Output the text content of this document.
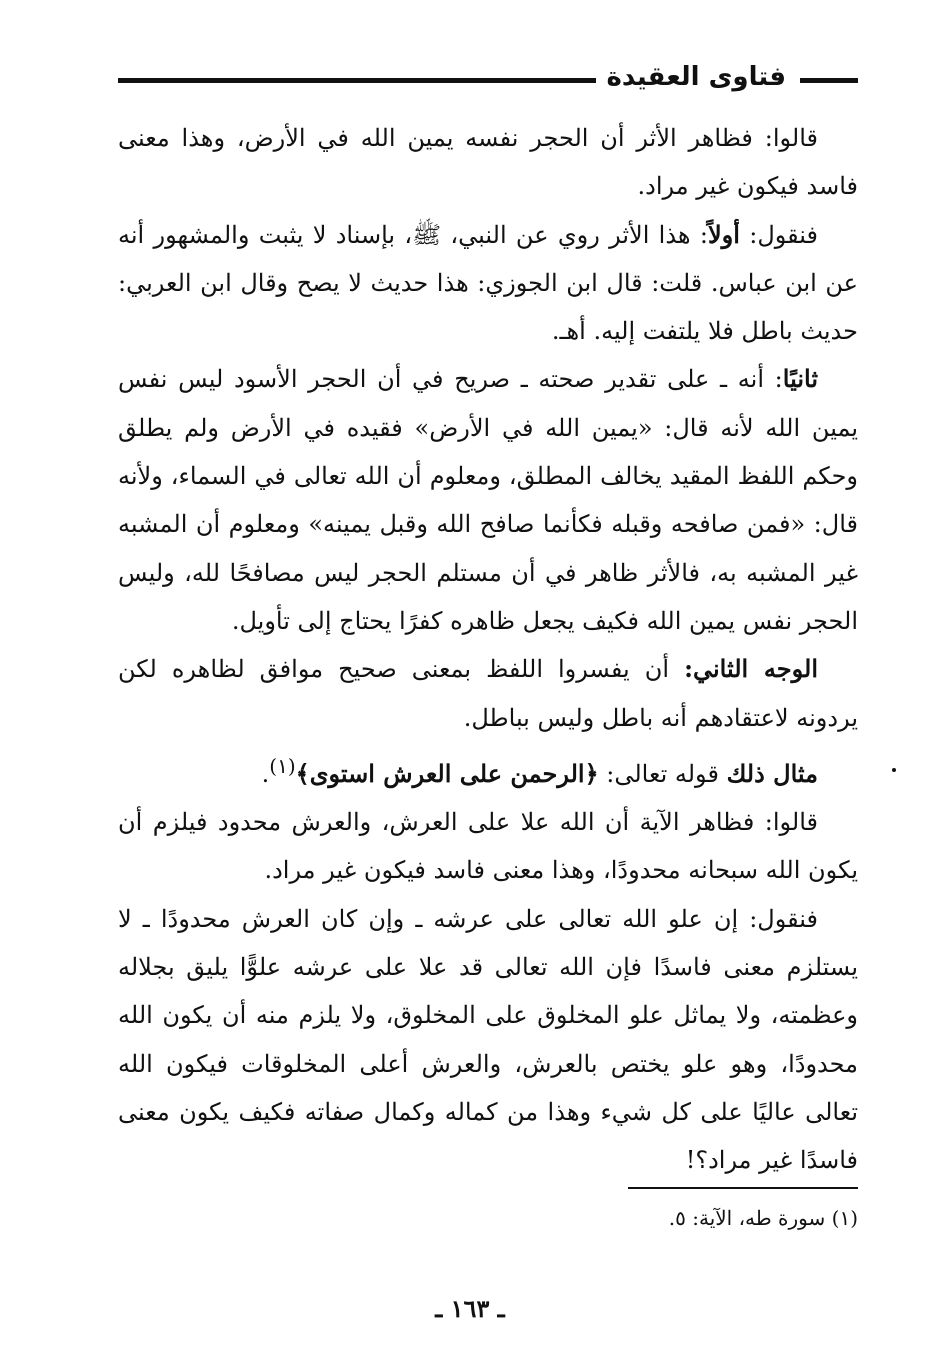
فتاوى العقيدة

قالوا: فظاهر الأثر أن الحجر نفسه يمين الله في الأرض، وهذا معنى فاسد فيكون غير مراد.

فنقول: أولاً: هذا الأثر روي عن النبي، ﷺ، بإسناد لا يثبت والمشهور أنه عن ابن عباس. قلت: قال ابن الجوزي: هذا حديث لا يصح وقال ابن العربي: حديث باطل فلا يلتفت إليه. أهـ.

ثانيًا: أنه ـ على تقدير صحته ـ صريح في أن الحجر الأسود ليس نفس يمين الله لأنه قال: «يمين الله في الأرض» فقيده في الأرض ولم يطلق وحكم اللفظ المقيد يخالف المطلق، ومعلوم أن الله تعالى في السماء، ولأنه قال: «فمن صافحه وقبله فكأنما صافح الله وقبل يمينه» ومعلوم أن المشبه غير المشبه به، فالأثر ظاهر في أن مستلم الحجر ليس مصافحًا لله، وليس الحجر نفس يمين الله فكيف يجعل ظاهره كفرًا يحتاج إلى تأويل.

الوجه الثاني: أن يفسروا اللفظ بمعنى صحيح موافق لظاهره لكن يردونه لاعتقادهم أنه باطل وليس بباطل.

مثال ذلك قوله تعالى: ﴿الرحمن على العرش استوى﴾$^{(١)}$.

قالوا: فظاهر الآية أن الله علا على العرش، والعرش محدود فيلزم أن يكون الله سبحانه محدودًا، وهذا معنى فاسد فيكون غير مراد.

فنقول: إن علو الله تعالى على عرشه ـ وإن كان العرش محدودًا ـ لا يستلزم معنى فاسدًا فإن الله تعالى قد علا على عرشه علوًّا يليق بجلاله وعظمته، ولا يماثل علو المخلوق على المخلوق، ولا يلزم منه أن يكون الله محدودًا، وهو علو يختص بالعرش، والعرش أعلى المخلوقات فيكون الله تعالى عاليًا على كل شيء وهذا من كماله وكمال صفاته فكيف يكون معنى فاسدًا غير مراد؟!

(١) سورة طه، الآية: ٥.
ـ ١٦٣ ـ
